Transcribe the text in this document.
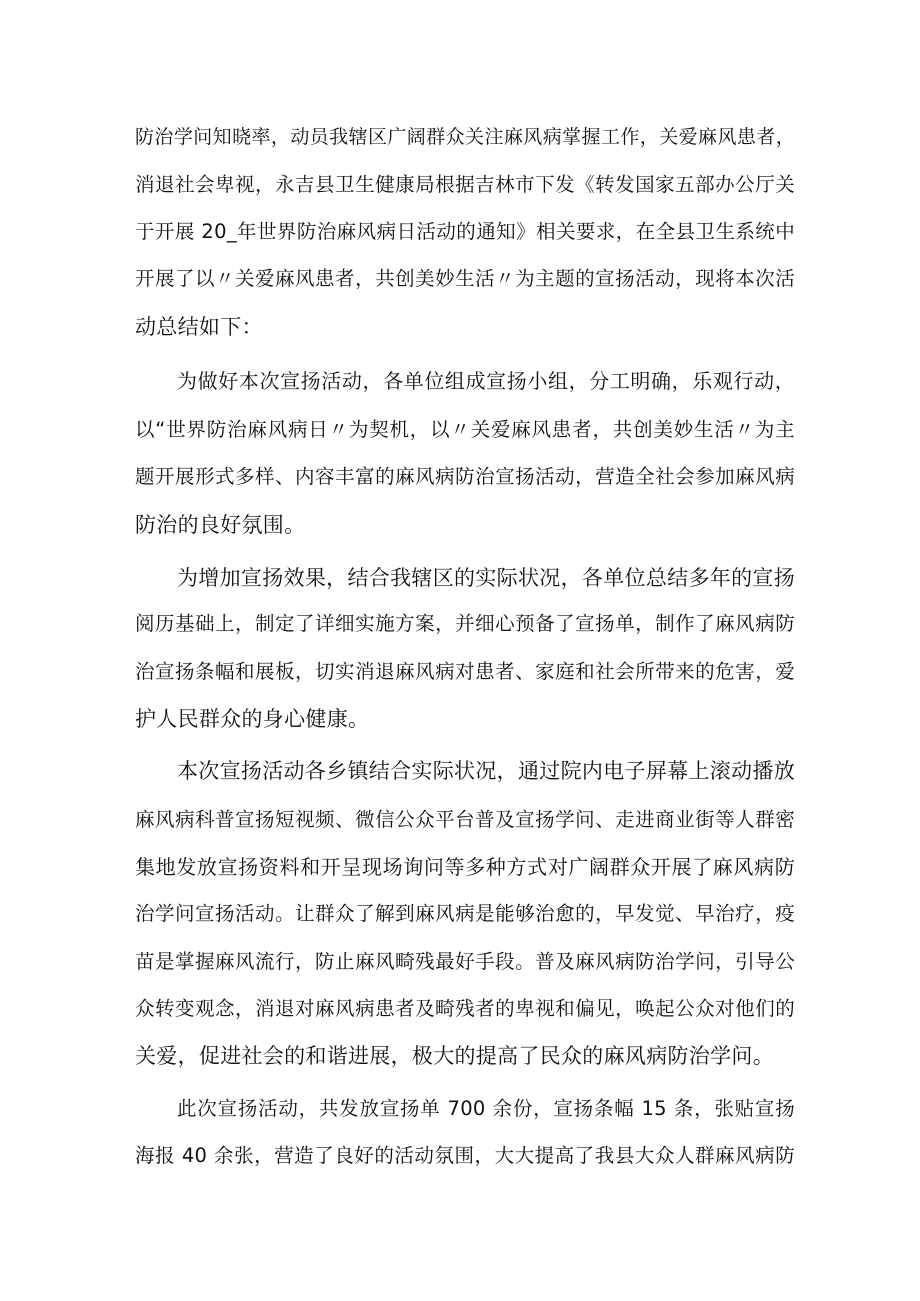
防治学问知晓率，动员我辖区广阔群众关注麻风病掌握工作，关爱麻风患者，
消退社会卑视，永吉县卫生健康局根据吉林市下发《转发国家五部办公厅关
于开展 20_年世界防治麻风病日活动的通知》相关要求，在全县卫生系统中
开展了以〃关爱麻风患者，共创美妙生活〃为主题的宣扬活动，现将本次活
动总结如下：
为做好本次宣扬活动，各单位组成宣扬小组，分工明确，乐观行动，
以“世界防治麻风病日〃为契机，以〃关爱麻风患者，共创美妙生活〃为主
题开展形式多样、内容丰富的麻风病防治宣扬活动，营造全社会参加麻风病
防治的良好氛围。
为增加宣扬效果，结合我辖区的实际状况，各单位总结多年的宣扬
阅历基础上，制定了详细实施方案，并细心预备了宣扬单，制作了麻风病防
治宣扬条幅和展板，切实消退麻风病对患者、家庭和社会所带来的危害，爱
护人民群众的身心健康。
本次宣扬活动各乡镇结合实际状况，通过院内电子屏幕上滚动播放
麻风病科普宣扬短视频、微信公众平台普及宣扬学问、走进商业街等人群密
集地发放宣扬资料和开呈现场询问等多种方式对广阔群众开展了麻风病防
治学问宣扬活动。让群众了解到麻风病是能够治愈的，早发觉、早治疗，疫
苗是掌握麻风流行，防止麻风畸残最好手段。普及麻风病防治学问，引导公
众转变观念，消退对麻风病患者及畸残者的卑视和偏见，唤起公众对他们的
关爱，促进社会的和谐进展，极大的提高了民众的麻风病防治学问。
此次宣扬活动，共发放宣扬单 700 余份，宣扬条幅 15 条，张贴宣扬
海报 40 余张，营造了良好的活动氛围，大大提高了我县大众人群麻风病防
